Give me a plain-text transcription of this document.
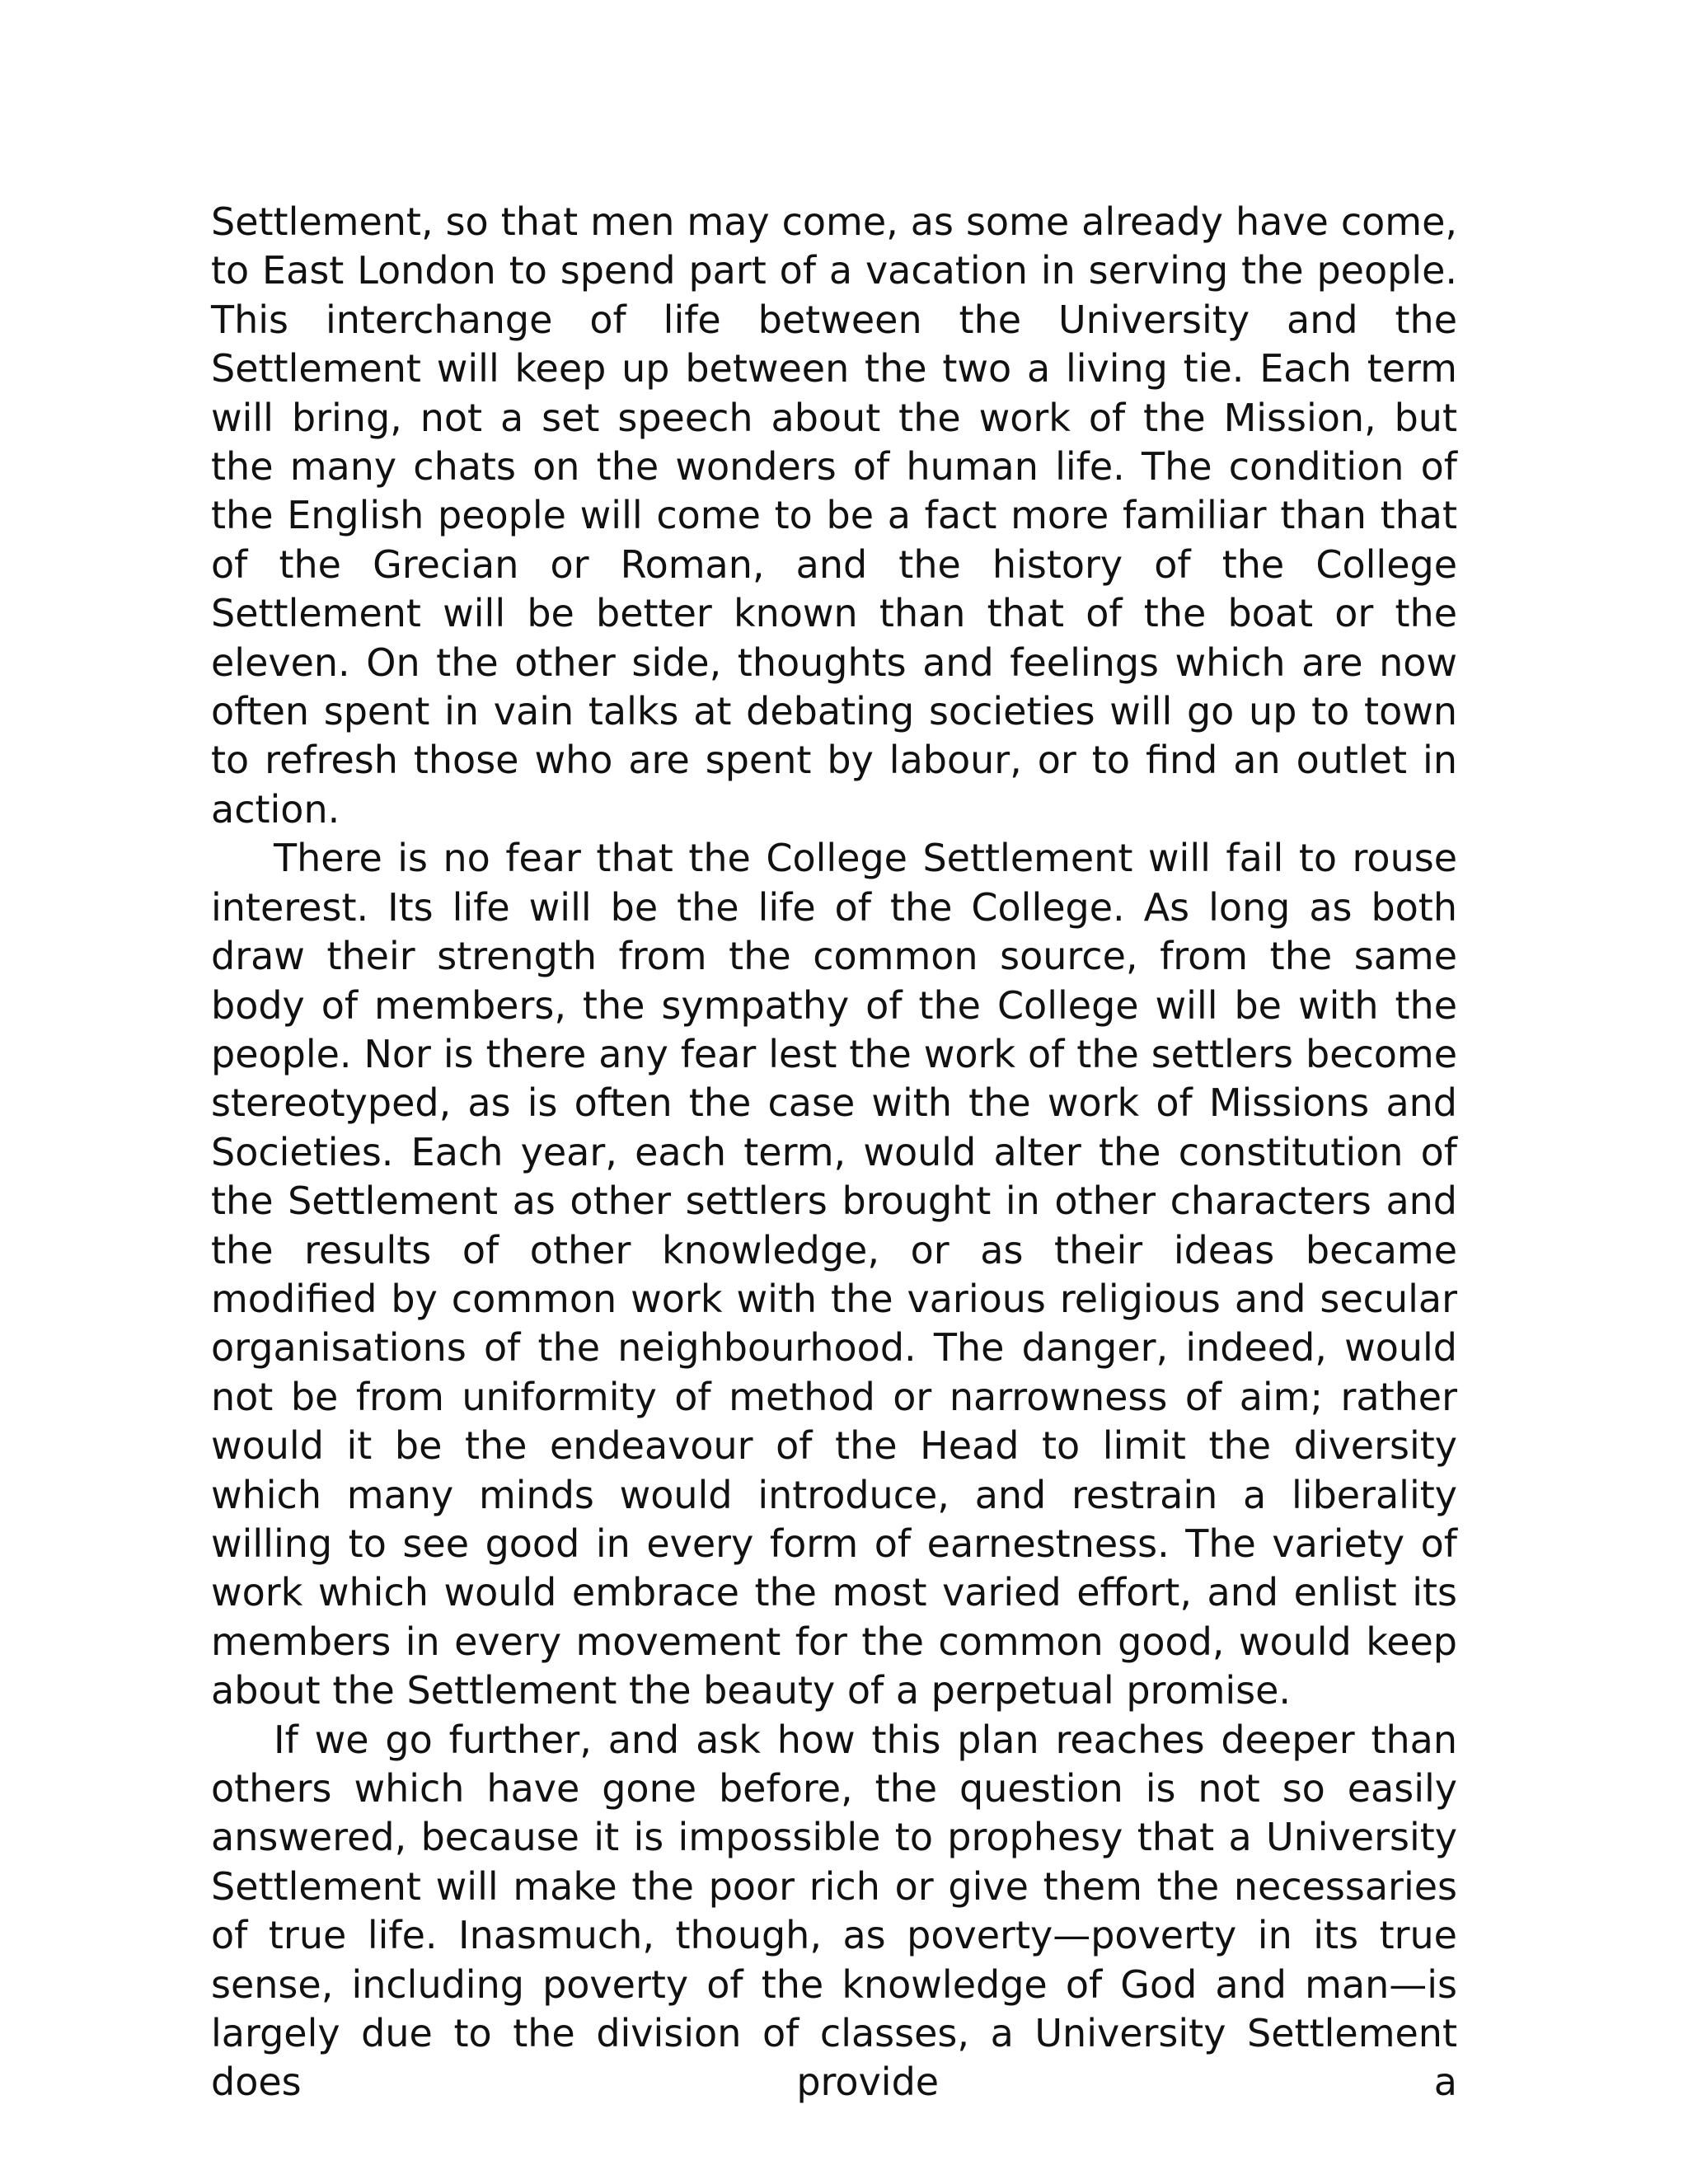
Settlement, so that men may come, as some already have come, to East London to spend part of a vacation in serving the people. This interchange of life between the University and the Settlement will keep up between the two a living tie. Each term will bring, not a set speech about the work of the Mission, but the many chats on the wonders of human life. The condition of the English people will come to be a fact more familiar than that of the Grecian or Roman, and the history of the College Settlement will be better known than that of the boat or the eleven. On the other side, thoughts and feelings which are now often spent in vain talks at debating societies will go up to town to refresh those who are spent by labour, or to find an outlet in action.

There is no fear that the College Settlement will fail to rouse interest. Its life will be the life of the College. As long as both draw their strength from the common source, from the same body of members, the sympathy of the College will be with the people. Nor is there any fear lest the work of the settlers become stereotyped, as is often the case with the work of Missions and Societies. Each year, each term, would alter the constitution of the Settlement as other settlers brought in other characters and the results of other knowledge, or as their ideas became modified by common work with the various religious and secular organisations of the neighbourhood. The danger, indeed, would not be from uniformity of method or narrowness of aim; rather would it be the endeavour of the Head to limit the diversity which many minds would introduce, and restrain a liberality willing to see good in every form of earnestness. The variety of work which would embrace the most varied effort, and enlist its members in every movement for the common good, would keep about the Settlement the beauty of a perpetual promise.

If we go further, and ask how this plan reaches deeper than others which have gone before, the question is not so easily answered, because it is impossible to prophesy that a University Settlement will make the poor rich or give them the necessaries of true life. Inasmuch, though, as poverty—poverty in its true sense, including poverty of the knowledge of God and man—is largely due to the division of classes, a University Settlement does provide a
